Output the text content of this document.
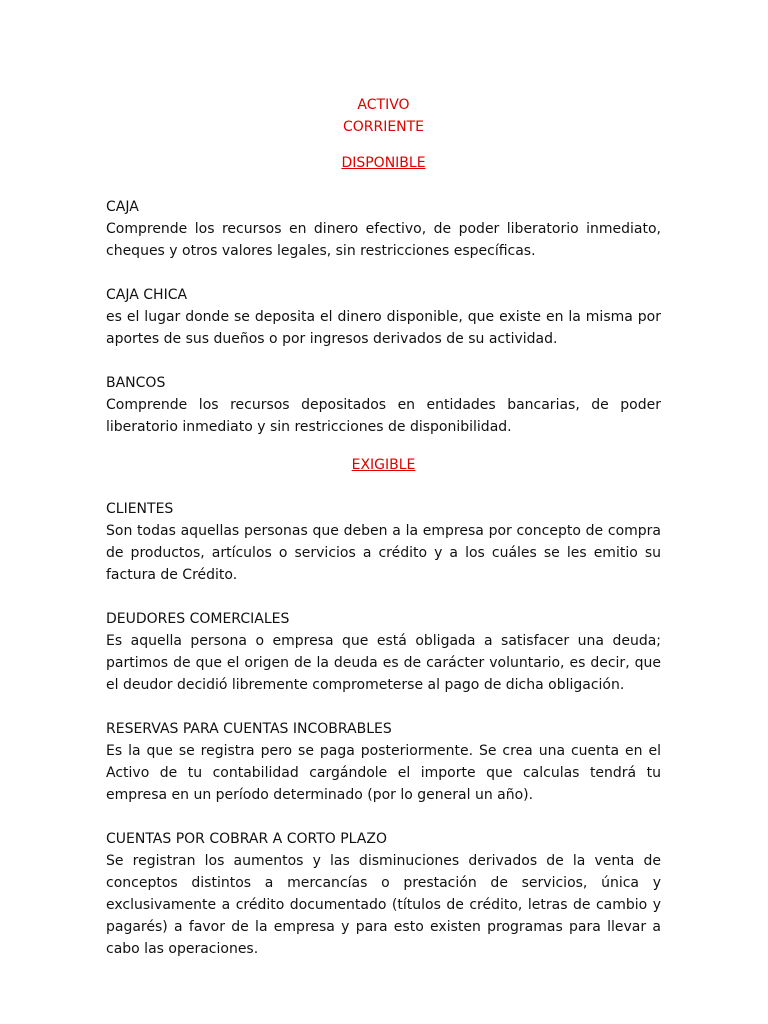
ACTIVO

CORRIENTE

DISPONIBLE

CAJA

Comprende los recursos en dinero efectivo, de poder liberatorio inmediato, cheques y otros valores legales, sin restricciones específicas.

CAJA CHICA

es el lugar donde se deposita el dinero disponible, que existe en la misma por aportes de sus dueños o por ingresos derivados de su actividad.

BANCOS

Comprende los recursos depositados en entidades bancarias, de poder liberatorio inmediato y sin restricciones de disponibilidad.

EXIGIBLE

CLIENTES

Son todas aquellas personas que deben a la empresa por concepto de compra de productos, artículos o servicios a crédito y a los cuáles se les emitio su factura de Crédito.

DEUDORES COMERCIALES

Es aquella persona o empresa que está obligada a satisfacer una deuda; partimos de que el origen de la deuda es de carácter voluntario, es decir, que el deudor decidió libremente comprometerse al pago de dicha obligación.

RESERVAS PARA CUENTAS INCOBRABLES

Es la que se registra pero se paga posteriormente. Se crea una cuenta en el Activo de tu contabilidad cargándole el importe que calculas tendrá tu empresa en un período determinado (por lo general un año).

CUENTAS POR COBRAR A CORTO PLAZO

Se registran los aumentos y las disminuciones derivados de la venta de conceptos distintos a mercancías o prestación de servicios, única y exclusivamente a crédito documentado (títulos de crédito, letras de cambio y pagarés) a favor de la empresa y para esto existen programas para llevar a cabo las operaciones.
